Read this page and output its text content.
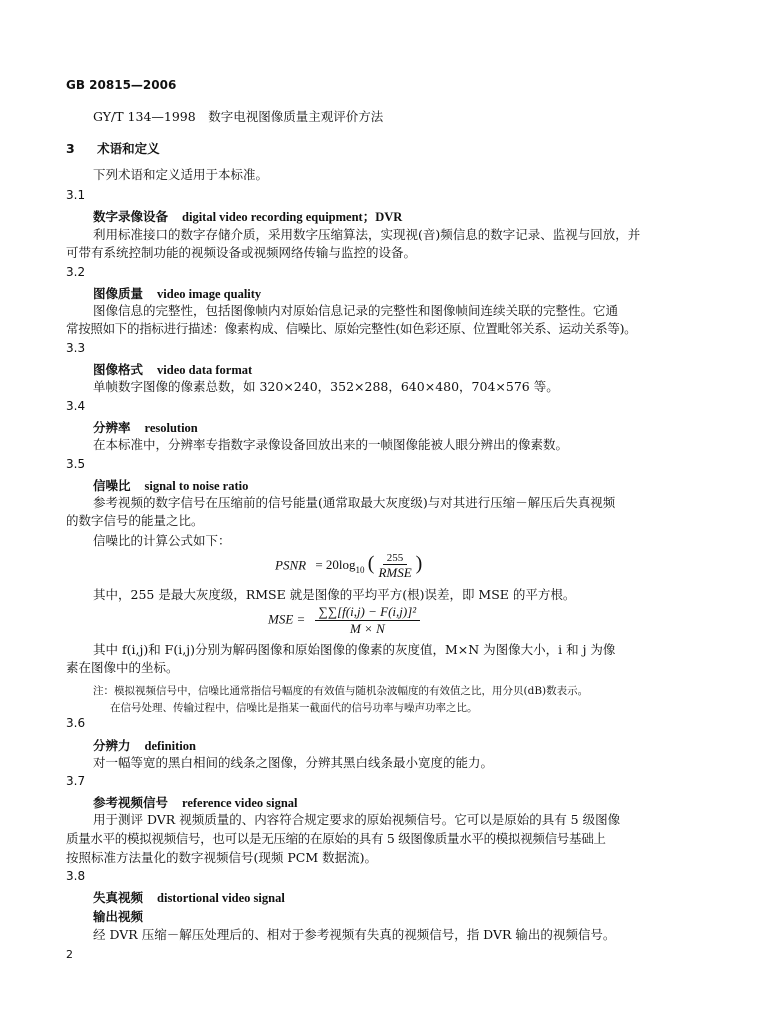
GB 20815—2006
GY/T 134—1998　数字电视图像质量主观评价方法
3 术语和定义
下列术语和定义适用于本标准。
3.1
数字录像设备 digital video recording equipment；DVR
利用标准接口的数字存储介质，采用数字压缩算法，实现视(音)频信息的数字记录、监视与回放，并
可带有系统控制功能的视频设备或视频网络传输与监控的设备。
3.2
图像质量 video image quality
图像信息的完整性，包括图像帧内对原始信息记录的完整性和图像帧间连续关联的完整性。它通
常按照如下的指标进行描述：像素构成、信噪比、原始完整性(如色彩还原、位置毗邻关系、运动关系等)。
3.3
图像格式 video data format
单帧数字图像的像素总数，如 320×240，352×288，640×480，704×576 等。
3.4
分辨率 resolution
在本标准中，分辨率专指数字录像设备回放出来的一帧图像能被人眼分辨出的像素数。
3.5
信噪比 signal to noise ratio
参考视频的数字信号在压缩前的信号能量(通常取最大灰度级)与对其进行压缩－解压后失真视频
的数字信号的能量之比。
信噪比的计算公式如下：
PSNR = $20\log_{10}$ ( $\frac{255}{\text{RMSE}}$ )
其中，255 是最大灰度级，RMSE 就是图像的平均平方(根)误差，即 MSE 的平方根。
MSE = $\frac{\text{∑∑[f(i,j) − F(i,j)]²}}{M \times N}$
其中 f(i,j)和 F(i,j)分别为解码图像和原始图像的像素的灰度值，M×N 为图像大小，i 和 j 为像
素在图像中的坐标。
注：模拟视频信号中，信噪比通常指信号幅度的有效值与随机杂波幅度的有效值之比，用分贝(dB)数表示。
在信号处理、传输过程中，信噪比是指某一截面代的信号功率与噪声功率之比。
3.6
分辨力 definition
对一幅等宽的黑白相间的线条之图像，分辨其黑白线条最小宽度的能力。
3.7
参考视频信号 reference video signal
用于测评 DVR 视频质量的、内容符合规定要求的原始视频信号。它可以是原始的具有 5 级图像
质量水平的模拟视频信号，也可以是无压缩的在原始的具有 5 级图像质量水平的模拟视频信号基础上
按照标准方法量化的数字视频信号(现频 PCM 数据流)。
3.8
失真视频 distortional video signal
输出视频
经 DVR 压缩－解压处理后的、相对于参考视频有失真的视频信号，指 DVR 输出的视频信号。
2
